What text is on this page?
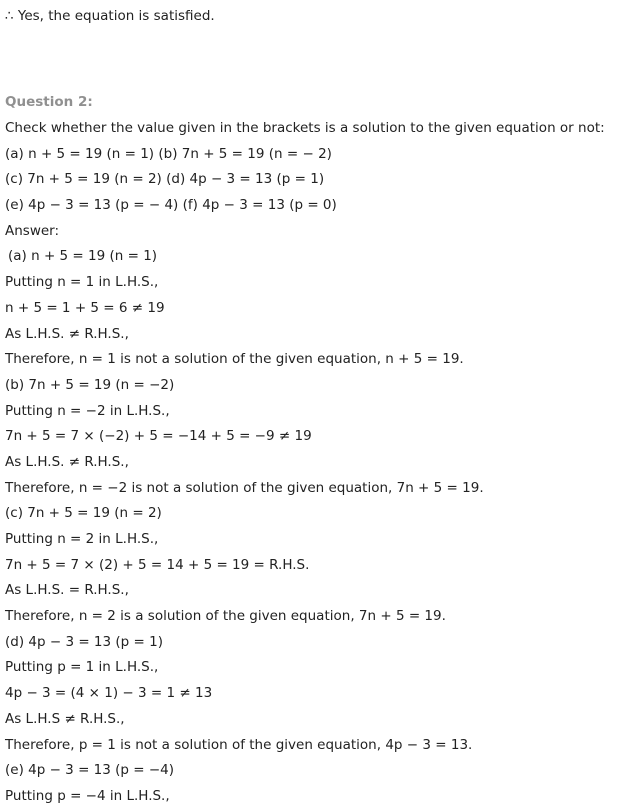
∴ Yes, the equation is satisfied.
Question 2:
Check whether the value given in the brackets is a solution to the given equation or not:
(a) n + 5 = 19 (n = 1) (b) 7n + 5 = 19 (n = − 2)
(c) 7n + 5 = 19 (n = 2) (d) 4p − 3 = 13 (p = 1)
(e) 4p − 3 = 13 (p = − 4) (f) 4p − 3 = 13 (p = 0)
Answer:
(a) n + 5 = 19 (n = 1)
Putting n = 1 in L.H.S.,
n + 5 = 1 + 5 = 6 ≠ 19
As L.H.S. ≠ R.H.S.,
Therefore, n = 1 is not a solution of the given equation, n + 5 = 19.
(b) 7n + 5 = 19 (n = −2)
Putting n = −2 in L.H.S.,
7n + 5 = 7 × (−2) + 5 = −14 + 5 = −9 ≠ 19
As L.H.S. ≠ R.H.S.,
Therefore, n = −2 is not a solution of the given equation, 7n + 5 = 19.
(c) 7n + 5 = 19 (n = 2)
Putting n = 2 in L.H.S.,
7n + 5 = 7 × (2) + 5 = 14 + 5 = 19 = R.H.S.
As L.H.S. = R.H.S.,
Therefore, n = 2 is a solution of the given equation, 7n + 5 = 19.
(d) 4p − 3 = 13 (p = 1)
Putting p = 1 in L.H.S.,
4p − 3 = (4 × 1) − 3 = 1 ≠ 13
As L.H.S ≠ R.H.S.,
Therefore, p = 1 is not a solution of the given equation, 4p − 3 = 13.
(e) 4p − 3 = 13 (p = −4)
Putting p = −4 in L.H.S.,
